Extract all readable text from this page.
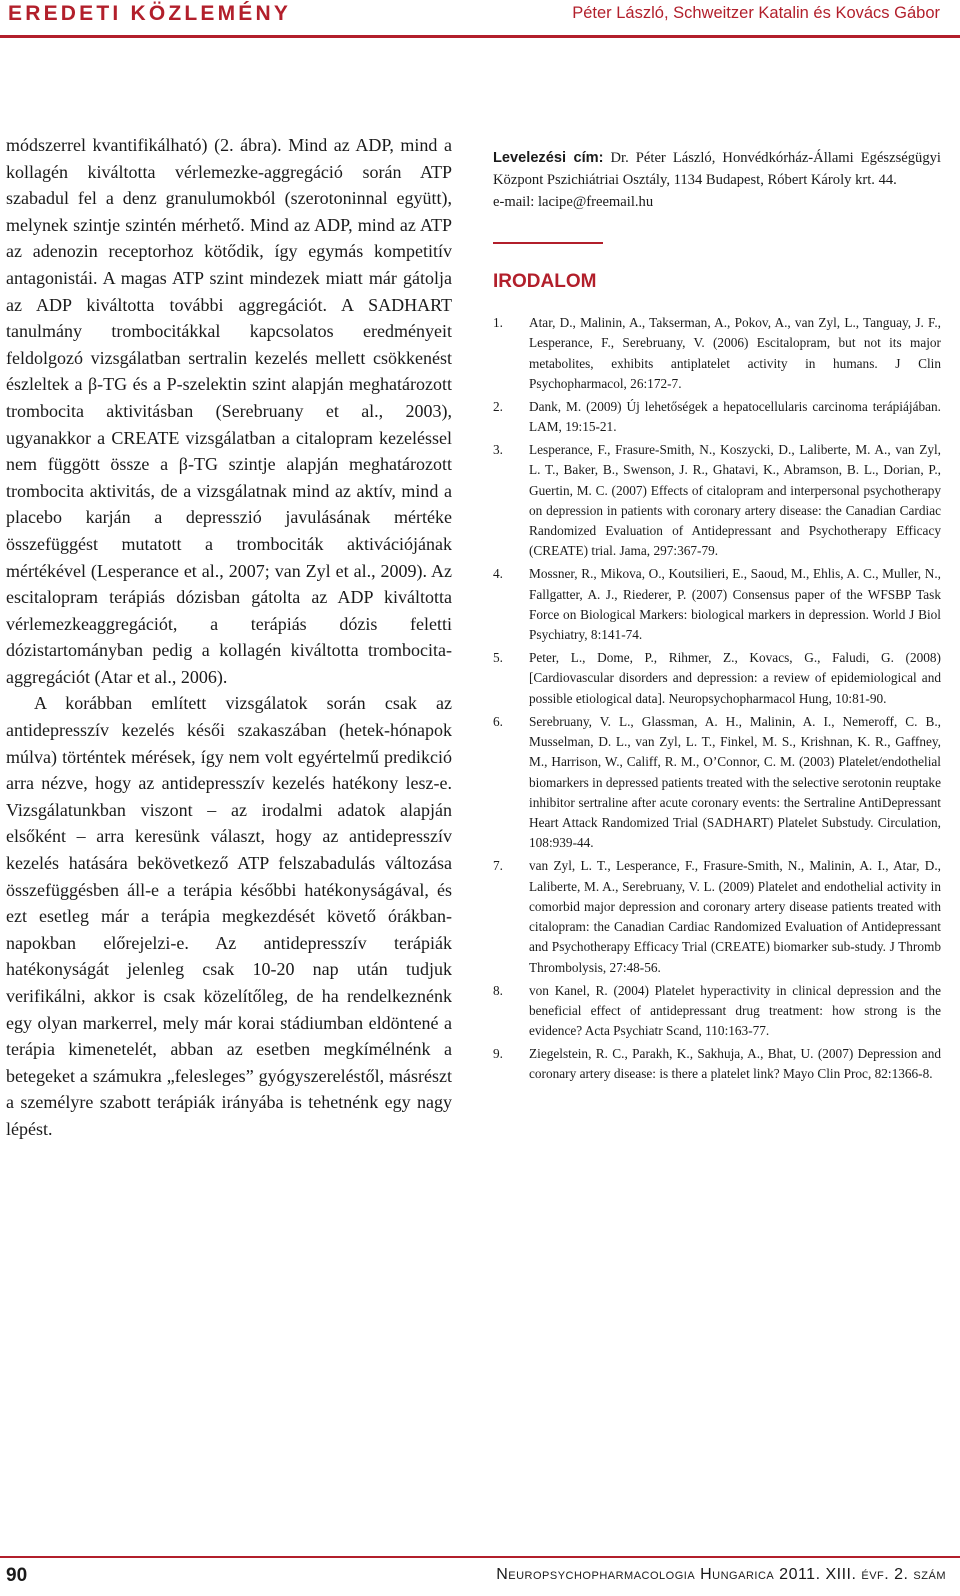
EREDETI KÖZLEMÉNY	Péter László, Schweitzer Katalin és Kovács Gábor

módszerrel kvantifikálható) (2. ábra). Mind az ADP, mind a kollagén kiváltotta vérlemezke-aggregáció során ATP szabadul fel a denz granulumokból (szerotoninnal együtt), melynek szintje szintén mérhető. Mind az ADP, mind az ATP az adenozin receptorhoz kötődik, így egymás kompetitív antagonistái. A magas ATP szint mindezek miatt már gátolja az ADP kiváltotta további aggregációt. A SADHART tanulmány trombocitákkal kapcsolatos eredményeit feldolgozó vizsgálatban sertralin kezelés mellett csökkenést észleltek a β-TG és a P-szelektin szint alapján meghatározott trombocita aktivitásban (Serebruany et al., 2003), ugyanakkor a CREATE vizsgálatban a citalopram kezeléssel nem függött össze a β-TG szintje alapján meghatározott trombocita aktivitás, de a vizsgálatnak mind az aktív, mind a placebo karján a depresszió javulásának mértéke összefüggést mutatott a trombociták aktivációjának mértékével (Lesperance et al., 2007; van Zyl et al., 2009). Az escitalopram terápiás dózisban gátolta az ADP kiváltotta vérlemezkeaggregációt, a terápiás dózis feletti dózistartományban pedig a kollagén kiváltotta trombocita-aggregációt (Atar et al., 2006).

A korábban említett vizsgálatok során csak az antidepresszív kezelés késői szakaszában (hetek-hónapok múlva) történtek mérések, így nem volt egyértelmű predikció arra nézve, hogy az antidepresszív kezelés hatékony lesz-e. Vizsgálatunkban viszont – az irodalmi adatok alapján elsőként – arra keresünk választ, hogy az antidepresszív kezelés hatására bekövetkező ATP felszabadulás változása összefüggésben áll-e a terápia későbbi hatékonyságával, és ezt esetleg már a terápia megkezdését követő órákban-napokban előrejelzi-e. Az antidepresszív terápiák hatékonyságát jelenleg csak 10-20 nap után tudjuk verifikálni, akkor is csak közelítőleg, de ha rendelkeznénk egy olyan markerrel, mely már korai stádiumban eldöntené a terápia kimenetelét, abban az esetben megkímélnénk a betegeket a számukra „felesleges” gyógyszereléstől, másrészt a személyre szabott terápiák irányába is tehetnénk egy nagy lépést.

Levelezési cím: Dr. Péter László, Honvédkórház-Állami Egészségügyi Központ Pszichiátriai Osztály, 1134 Budapest, Róbert Károly krt. 44.
e-mail: lacipe@freemail.hu

IRODALOM
1.	Atar, D., Malinin, A., Takserman, A., Pokov, A., van Zyl, L., Tanguay, J. F., Lesperance, F., Serebruany, V. (2006) Escitalopram, but not its major metabolites, exhibits antiplatelet activity in humans. J Clin Psychopharmacol, 26:172-7.
2.	Dank, M. (2009) Új lehetőségek a hepatocellularis carcinoma terápiájában. LAM, 19:15-21.
3.	Lesperance, F., Frasure-Smith, N., Koszycki, D., Laliberte, M. A., van Zyl, L. T., Baker, B., Swenson, J. R., Ghatavi, K., Abramson, B. L., Dorian, P., Guertin, M. C. (2007) Effects of citalopram and interpersonal psychotherapy on depression in patients with coronary artery disease: the Canadian Cardiac Randomized Evaluation of Antidepressant and Psychotherapy Efficacy (CREATE) trial. Jama, 297:367-79.
4.	Mossner, R., Mikova, O., Koutsilieri, E., Saoud, M., Ehlis, A. C., Muller, N., Fallgatter, A. J., Riederer, P. (2007) Consensus paper of the WFSBP Task Force on Biological Markers: biological markers in depression. World J Biol Psychiatry, 8:141-74.
5.	Peter, L., Dome, P., Rihmer, Z., Kovacs, G., Faludi, G. (2008) [Cardiovascular disorders and depression: a review of epidemiological and possible etiological data]. Neuropsychopharmacol Hung, 10:81-90.
6.	Serebruany, V. L., Glassman, A. H., Malinin, A. I., Nemeroff, C. B., Musselman, D. L., van Zyl, L. T., Finkel, M. S., Krishnan, K. R., Gaffney, M., Harrison, W., Califf, R. M., O’Connor, C. M. (2003) Platelet/endothelial biomarkers in depressed patients treated with the selective serotonin reuptake inhibitor sertraline after acute coronary events: the Sertraline AntiDepressant Heart Attack Randomized Trial (SADHART) Platelet Substudy. Circulation, 108:939-44.
7.	van Zyl, L. T., Lesperance, F., Frasure-Smith, N., Malinin, A. I., Atar, D., Laliberte, M. A., Serebruany, V. L. (2009) Platelet and endothelial activity in comorbid major depression and coronary artery disease patients treated with citalopram: the Canadian Cardiac Randomized Evaluation of Antidepressant and Psychotherapy Efficacy Trial (CREATE) biomarker sub-study. J Thromb Thrombolysis, 27:48-56.
8.	von Kanel, R. (2004) Platelet hyperactivity in clinical depression and the beneficial effect of antidepressant drug treatment: how strong is the evidence? Acta Psychiatr Scand, 110:163-77.
9.	Ziegelstein, R. C., Parakh, K., Sakhuja, A., Bhat, U. (2007) Depression and coronary artery disease: is there a platelet link? Mayo Clin Proc, 82:1366-8.
90	Neuropsychopharmacologia Hungarica 2011. XIII. évf. 2. szám
